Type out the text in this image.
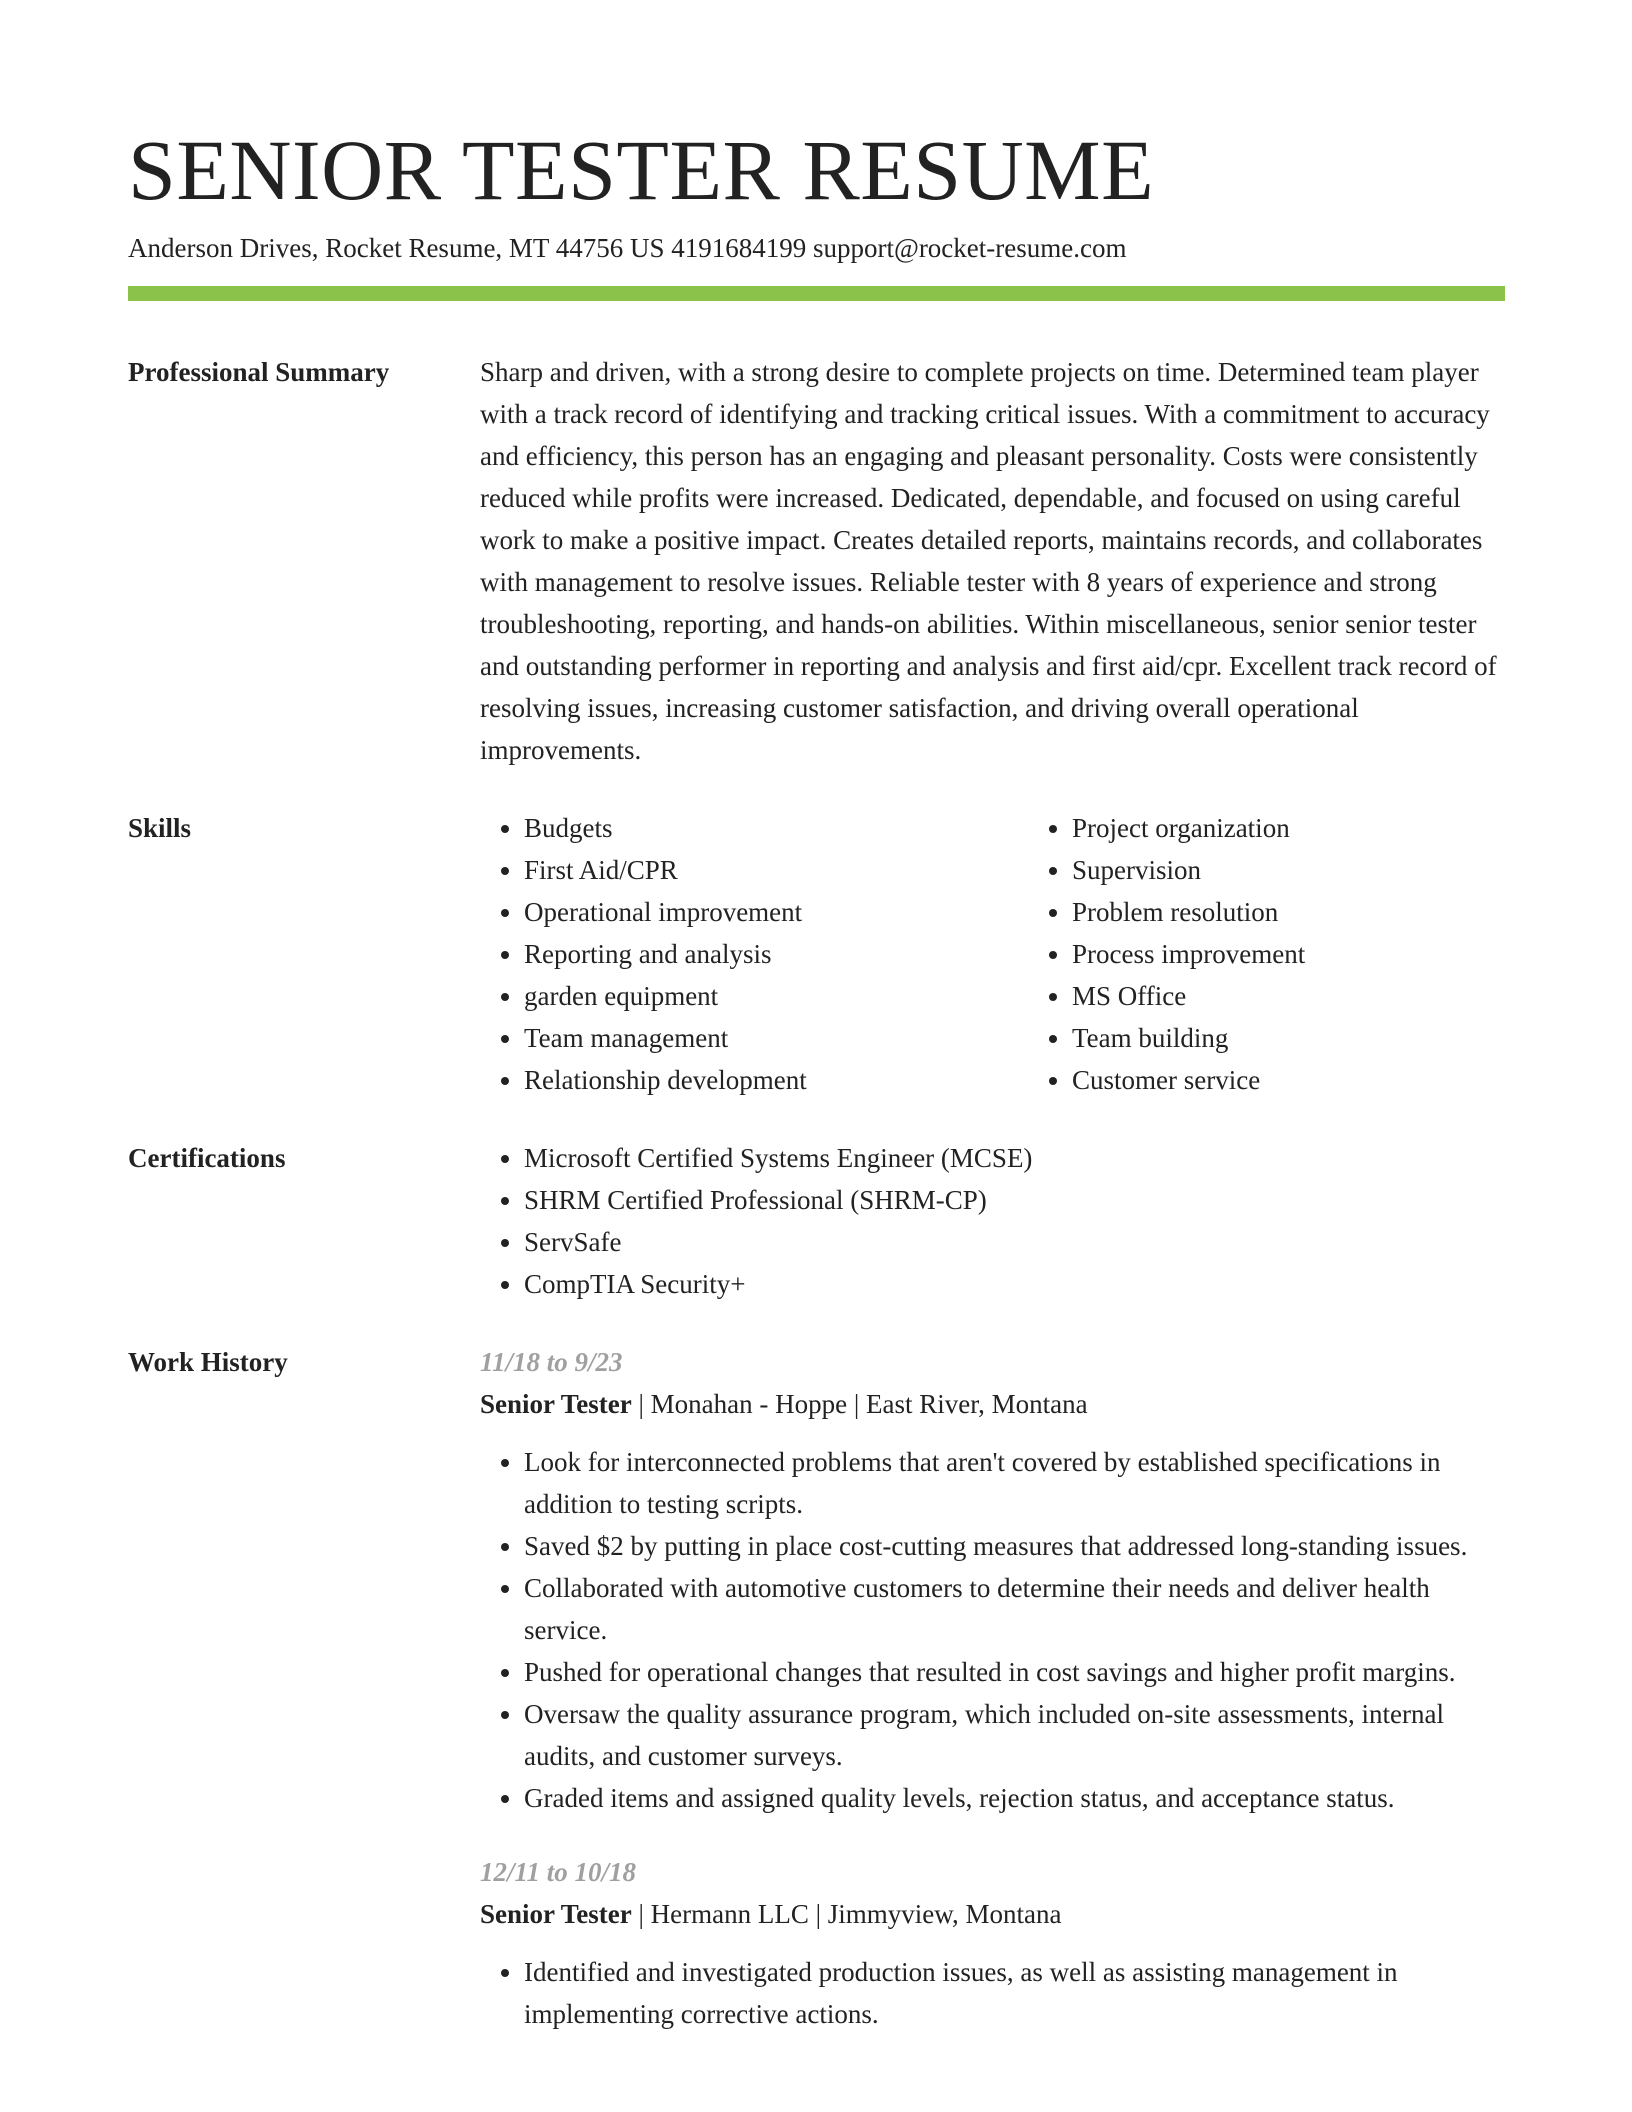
SENIOR TESTER RESUME
Anderson Drives, Rocket Resume, MT 44756 US 4191684199 support@rocket-resume.com
Professional Summary	Sharp and driven, with a strong desire to complete projects on time. Determined team player with a track record of identifying and tracking critical issues. With a commitment to accuracy and efficiency, this person has an engaging and pleasant personality. Costs were consistently reduced while profits were increased. Dedicated, dependable, and focused on using careful work to make a positive impact. Creates detailed reports, maintains records, and collaborates with management to resolve issues. Reliable tester with 8 years of experience and strong troubleshooting, reporting, and hands-on abilities. Within miscellaneous, senior senior tester and outstanding performer in reporting and analysis and first aid/cpr. Excellent track record of resolving issues, increasing customer satisfaction, and driving overall operational improvements.

Skills	• Budgets
• First Aid/CPR
• Operational improvement
• Reporting and analysis
• garden equipment
• Team management
• Relationship development
• Project organization
• Supervision
• Problem resolution
• Process improvement
• MS Office
• Team building
• Customer service
Certifications	• Microsoft Certified Systems Engineer (MCSE)
• SHRM Certified Professional (SHRM-CP)
• ServSafe
• CompTIA Security+
Work History	11/18 to 9/23
Senior Tester | Monahan - Hoppe | East River, Montana
• Look for interconnected problems that aren't covered by established specifications in addition to testing scripts.
• Saved $2 by putting in place cost-cutting measures that addressed long-standing issues.
• Collaborated with automotive customers to determine their needs and deliver health service.
• Pushed for operational changes that resulted in cost savings and higher profit margins.
• Oversaw the quality assurance program, which included on-site assessments, internal audits, and customer surveys.
• Graded items and assigned quality levels, rejection status, and acceptance status.
12/11 to 10/18
Senior Tester | Hermann LLC | Jimmyview, Montana
• Identified and investigated production issues, as well as assisting management in implementing corrective actions.
